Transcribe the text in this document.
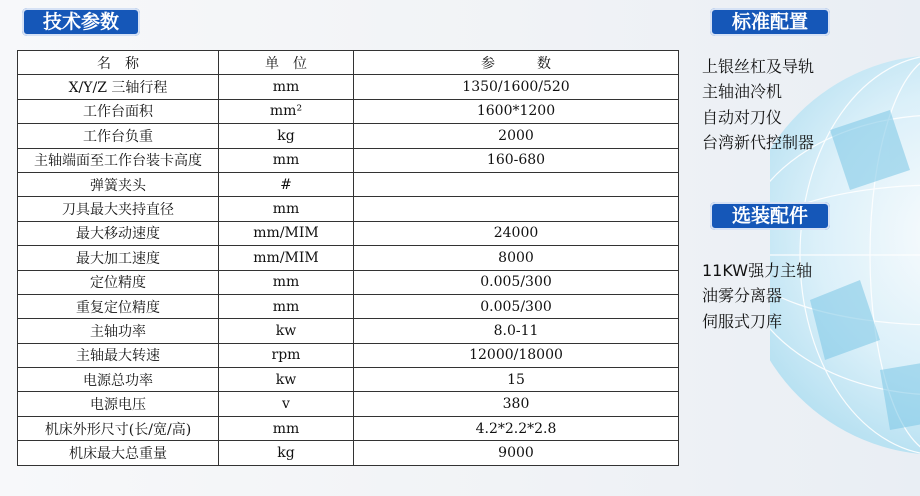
技术参数	标准配置
选装配件
名　称	单　位	参　　　数
X/Y/Z 三轴行程	mm	1350/1600/520
工作台面积	mm²	1600*1200
工作台负重	kg	2000
主轴端面至工作台装卡高度	mm	160-680
弹簧夹头	#	
刀具最大夹持直径	mm	
最大移动速度	mm/MIM	24000
最大加工速度	mm/MIM	8000
定位精度	mm	0.005/300
重复定位精度	mm	0.005/300
主轴功率	kw	8.0-11
主轴最大转速	rpm	12000/18000
电源总功率	kw	15
电源电压	v	380
机床外形尺寸(长/宽/高)	mm	4.2*2.2*2.8
机床最大总重量	kg	9000
上银丝杠及导轨
主轴油冷机
自动对刀仪
台湾新代控制器
11KW强力主轴
油雾分离器
伺服式刀库
